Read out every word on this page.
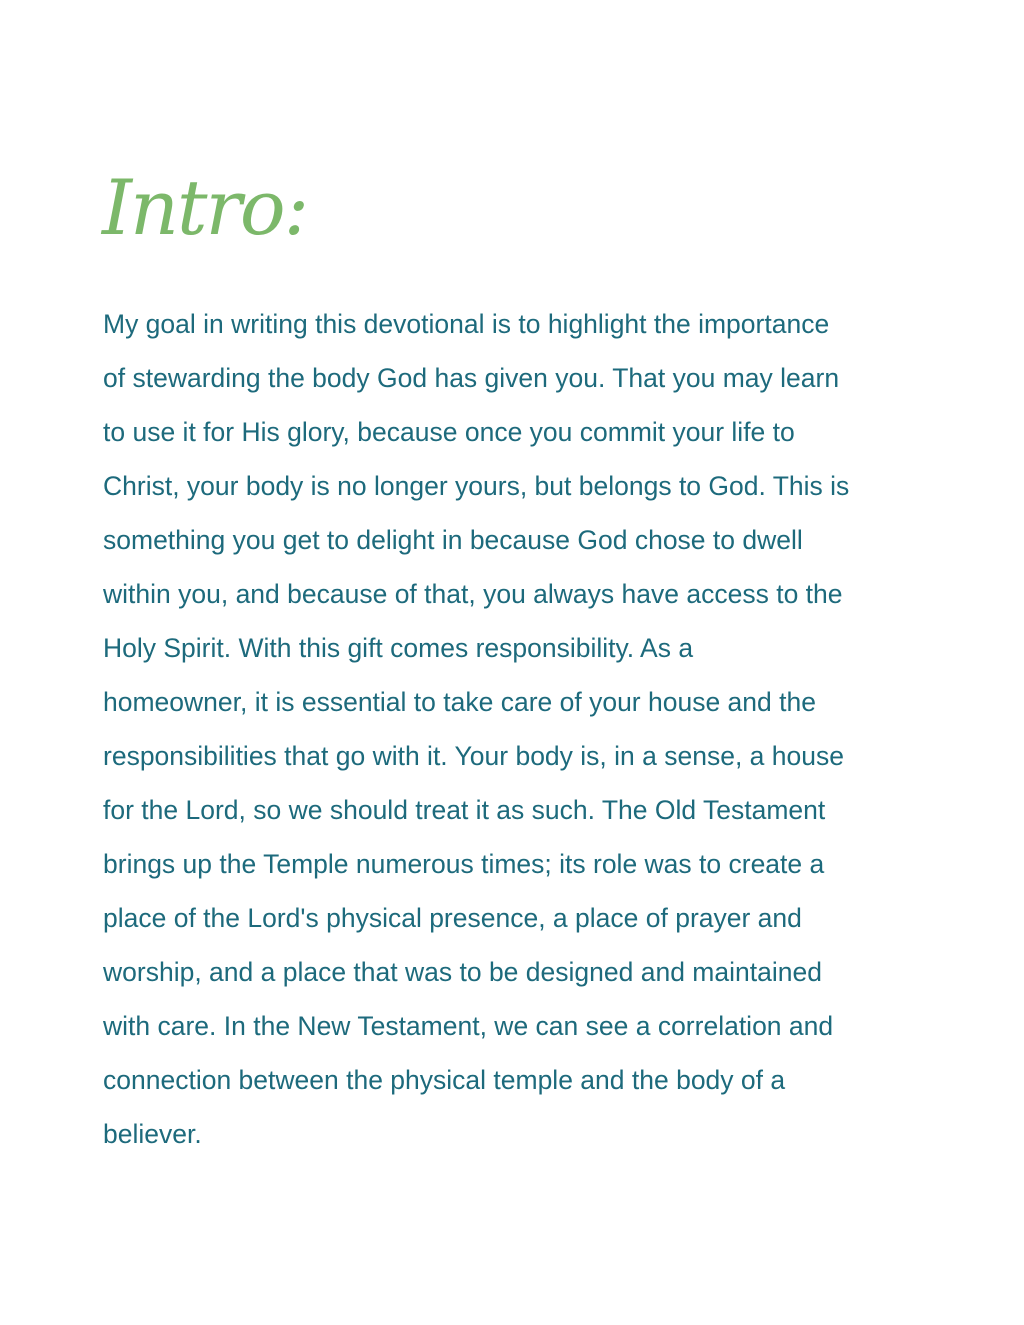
Intro:
My goal in writing this devotional is to highlight the importance
of stewarding the body God has given you. That you may learn
to use it for His glory, because once you commit your life to
Christ, your body is no longer yours, but belongs to God. This is
something you get to delight in because God chose to dwell
within you, and because of that, you always have access to the
Holy Spirit. With this gift comes responsibility. As a
homeowner, it is essential to take care of your house and the
responsibilities that go with it. Your body is, in a sense, a house
for the Lord, so we should treat it as such. The Old Testament
brings up the Temple numerous times; its role was to create a
place of the Lord's physical presence, a place of prayer and
worship, and a place that was to be designed and maintained
with care. In the New Testament, we can see a correlation and
connection between the physical temple and the body of a
believer.
